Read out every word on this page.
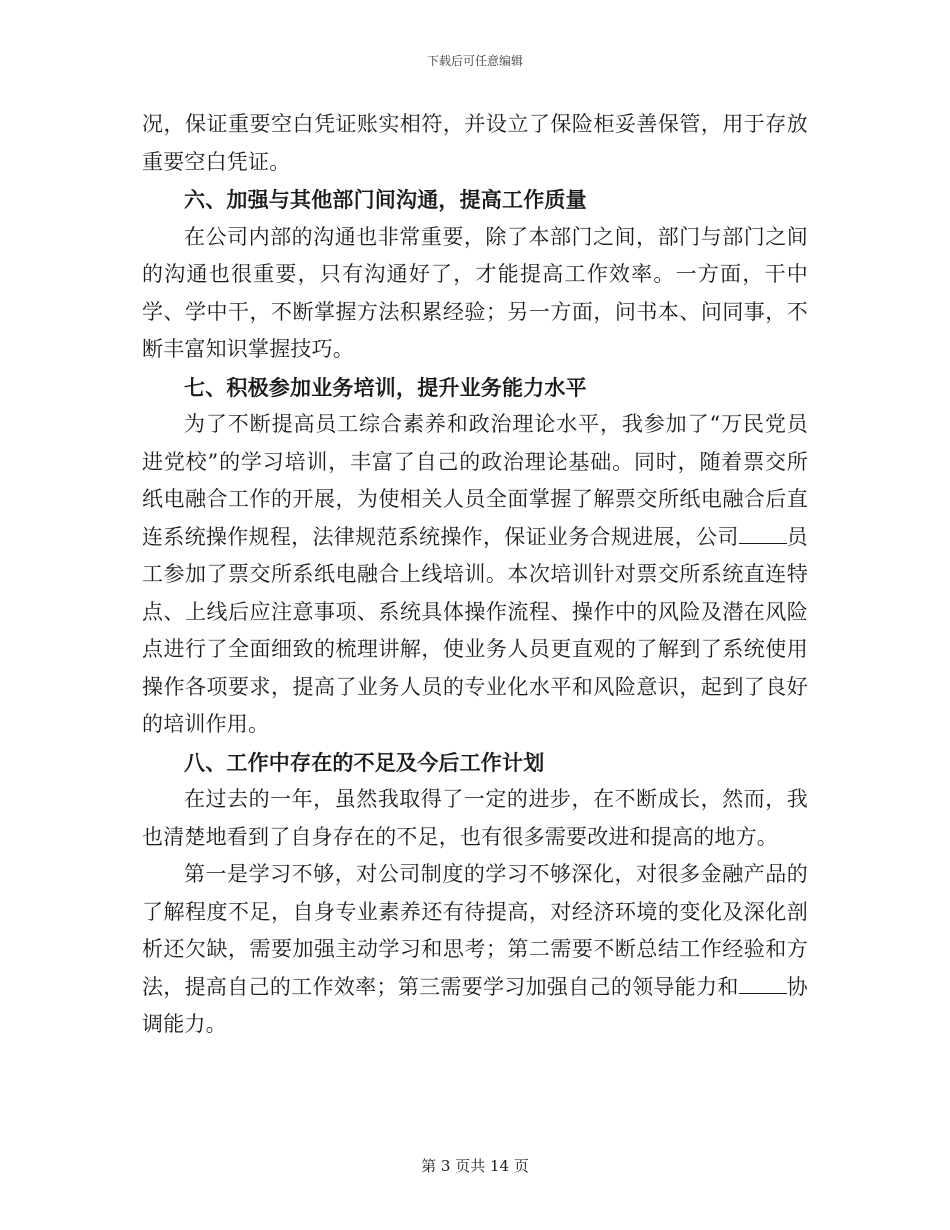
下载后可任意编辑

况，保证重要空白凭证账实相符，并设立了保险柜妥善保管，用于存放重要空白凭证。

六、加强与其他部门间沟通，提高工作质量

在公司内部的沟通也非常重要，除了本部门之间，部门与部门之间的沟通也很重要，只有沟通好了，才能提高工作效率。一方面，干中学、学中干，不断掌握方法积累经验；另一方面，问书本、问同事，不断丰富知识掌握技巧。

七、积极参加业务培训，提升业务能力水平

为了不断提高员工综合素养和政治理论水平，我参加了“万民党员进党校”的学习培训，丰富了自己的政治理论基础。同时，随着票交所纸电融合工作的开展，为使相关人员全面掌握了解票交所纸电融合后直连系统操作规程，法律规范系统操作，保证业务合规进展，公司 员工参加了票交所系纸电融合上线培训。本次培训针对票交所系统直连特点、上线后应注意事项、系统具体操作流程、操作中的风险及潜在风险点进行了全面细致的梳理讲解，使业务人员更直观的了解到了系统使用操作各项要求，提高了业务人员的专业化水平和风险意识，起到了良好的培训作用。

八、工作中存在的不足及今后工作计划

在过去的一年，虽然我取得了一定的进步，在不断成长，然而，我也清楚地看到了自身存在的不足，也有很多需要改进和提高的地方。

第一是学习不够，对公司制度的学习不够深化，对很多金融产品的了解程度不足，自身专业素养还有待提高，对经济环境的变化及深化剖析还欠缺，需要加强主动学习和思考；第二需要不断总结工作经验和方法，提高自己的工作效率；第三需要学习加强自己的领导能力和 协调能力。

第 3 页共 14 页
